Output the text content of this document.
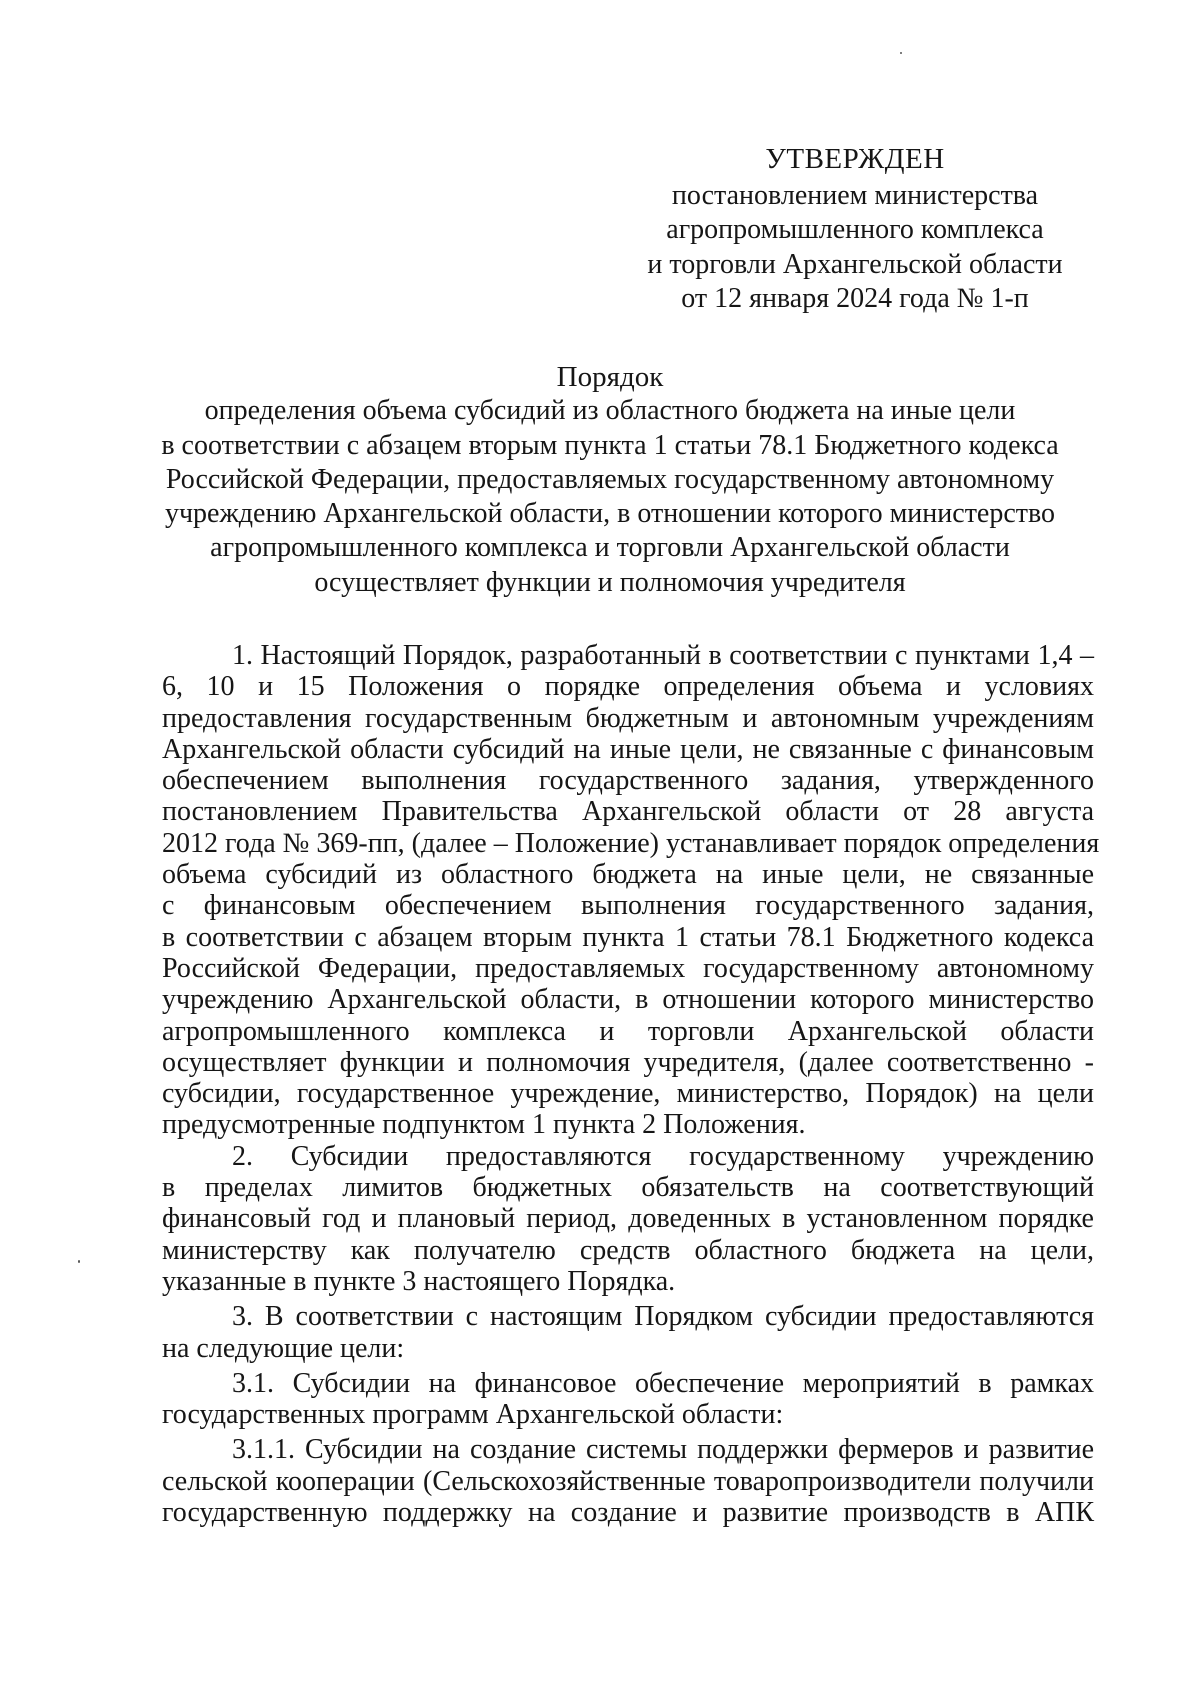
УТВЕРЖДЕН
постановлением министерства
агропромышленного комплекса
и торговли Архангельской области
от 12 января 2024 года № 1-п
Порядок
определения объема субсидий из областного бюджета на иные цели
в соответствии с абзацем вторым пункта 1 статьи 78.1 Бюджетного кодекса
Российской Федерации, предоставляемых государственному автономному
учреждению Архангельской области, в отношении которого министерство
агропромышленного комплекса и торговли Архангельской области
осуществляет функции и полномочия учредителя
1. Настоящий Порядок, разработанный в соответствии с пунктами 1,4 –
6, 10 и 15 Положения о порядке определения объема и условиях
предоставления государственным бюджетным и автономным учреждениям
Архангельской области субсидий на иные цели, не связанные с финансовым
обеспечением выполнения государственного задания, утвержденного
постановлением Правительства Архангельской области от 28 августа
2012 года № 369-пп, (далее – Положение) устанавливает порядок определения
объема субсидий из областного бюджета на иные цели, не связанные
с финансовым обеспечением выполнения государственного задания,
в соответствии с абзацем вторым пункта 1 статьи 78.1 Бюджетного кодекса
Российской Федерации, предоставляемых государственному автономному
учреждению Архангельской области, в отношении которого министерство
агропромышленного комплекса и торговли Архангельской области
осуществляет функции и полномочия учредителя, (далее соответственно -
субсидии, государственное учреждение, министерство, Порядок) на цели
предусмотренные подпунктом 1 пункта 2 Положения.
2. Субсидии предоставляются государственному учреждению
в пределах лимитов бюджетных обязательств на соответствующий
финансовый год и плановый период, доведенных в установленном порядке
министерству как получателю средств областного бюджета на цели,
указанные в пункте 3 настоящего Порядка.
3. В соответствии с настоящим Порядком субсидии предоставляются
на следующие цели:
3.1. Субсидии на финансовое обеспечение мероприятий в рамках
государственных программ Архангельской области:
3.1.1. Субсидии на создание системы поддержки фермеров и развитие
сельской кооперации (Сельскохозяйственные товаропроизводители получили
государственную поддержку на создание и развитие производств в АПК
